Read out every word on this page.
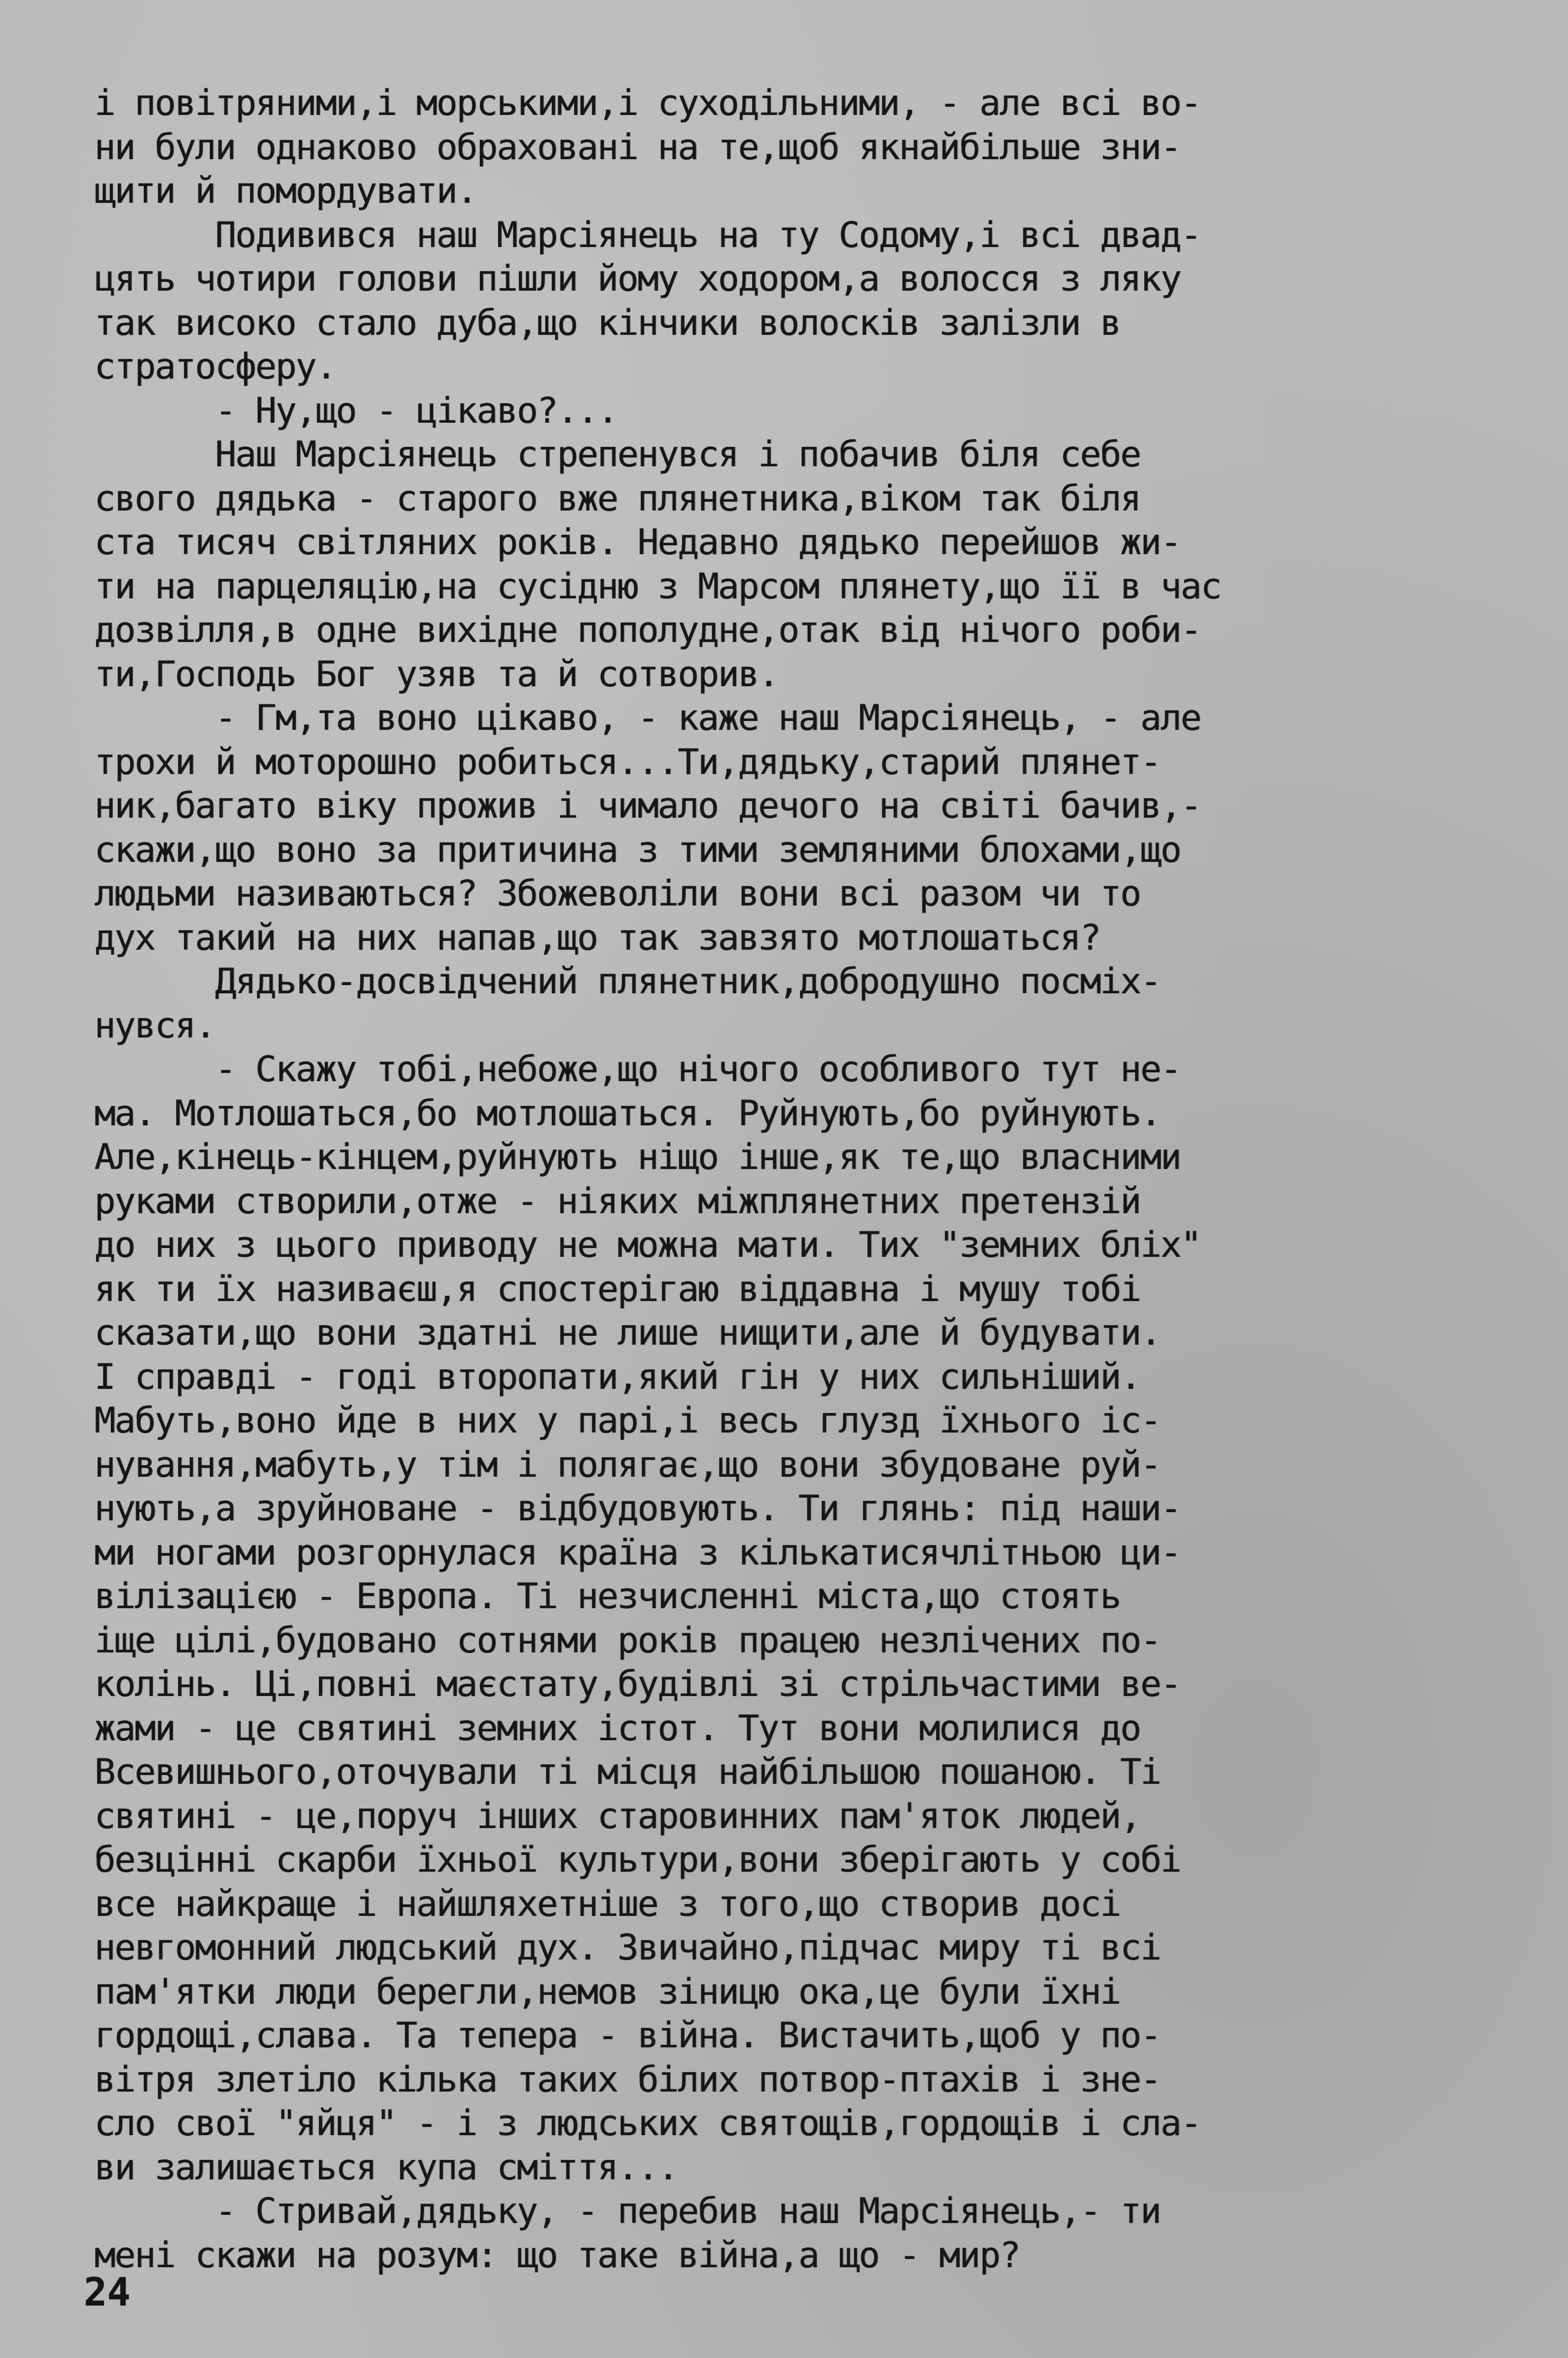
і повітряними,і морськими,і суходільними, - але всі во-
ни були однаково обраховані на те,щоб якнайбільше зни-
щити й помордувати.
Подивився наш Марсіянець на ту Содому,і всі двад-
цять чотири голови пішли йому ходором,а волосся з ляку
так високо стало дуба,що кінчики волосків залізли в
стратосферу.
- Ну,що - цікаво?...
Наш Марсіянець стрепенувся і побачив біля себе
свого дядька - старого вже плянетника,віком так біля
ста тисяч світляних років. Недавно дядько перейшов жи-
ти на парцеляцію,на сусідню з Марсом плянету,що її в час
дозвілля,в одне вихідне пополудне,отак від нічого роби-
ти,Господь Бог узяв та й сотворив.
- Гм,та воно цікаво, - каже наш Марсіянець, - але
трохи й моторошно робиться...Ти,дядьку,старий плянет-
ник,багато віку прожив і чимало дечого на світі бачив,-
скажи,що воно за притичина з тими земляними блохами,що
людьми називаються? Збожеволіли вони всі разом чи то
дух такий на них напав,що так завзято мотлошаться?
Дядько-досвідчений плянетник,добродушно посміх-
нувся.
- Скажу тобі,небоже,що нічого особливого тут не-
ма. Мотлошаться,бо мотлошаться. Руйнують,бо руйнують.
Але,кінець-кінцем,руйнують ніщо інше,як те,що власними
руками створили,отже - ніяких міжплянетних претензій
до них з цього приводу не можна мати. Тих "земних бліх"
як ти їх називаєш,я спостерігаю віддавна і мушу тобі
сказати,що вони здатні не лише нищити,але й будувати.
І справді - годі второпати,який гін у них сильніший.
Мабуть,воно йде в них у парі,і весь глузд їхнього іс-
нування,мабуть,у тім і полягає,що вони збудоване руй-
нують,а зруйноване - відбудовують. Ти глянь: під наши-
ми ногами розгорнулася країна з кількатисячлітньою ци-
вілізацією - Европа. Ті незчисленні міста,що стоять
іще цілі,будовано сотнями років працею незлічених по-
колінь. Ці,повні маєстату,будівлі зі стрільчастими ве-
жами - це святині земних істот. Тут вони молилися до
Всевишнього,оточували ті місця найбільшою пошаною. Ті
святині - це,поруч інших старовинних пам'яток людей,
безцінні скарби їхньої культури,вони зберігають у собі
все найкраще і найшляхетніше з того,що створив досі
невгомонний людський дух. Звичайно,підчас миру ті всі
пам'ятки люди берегли,немов зіницю ока,це були їхні
гордощі,слава. Та тепера - війна. Вистачить,щоб у по-
вітря злетіло кілька таких білих потвор-птахів і зне-
сло свої "яйця" - і з людських святощів,гордощів і сла-
ви залишається купа сміття...
- Стривай,дядьку, - перебив наш Марсіянець,- ти
мені скажи на розум: що таке війна,а що - мир?
24
